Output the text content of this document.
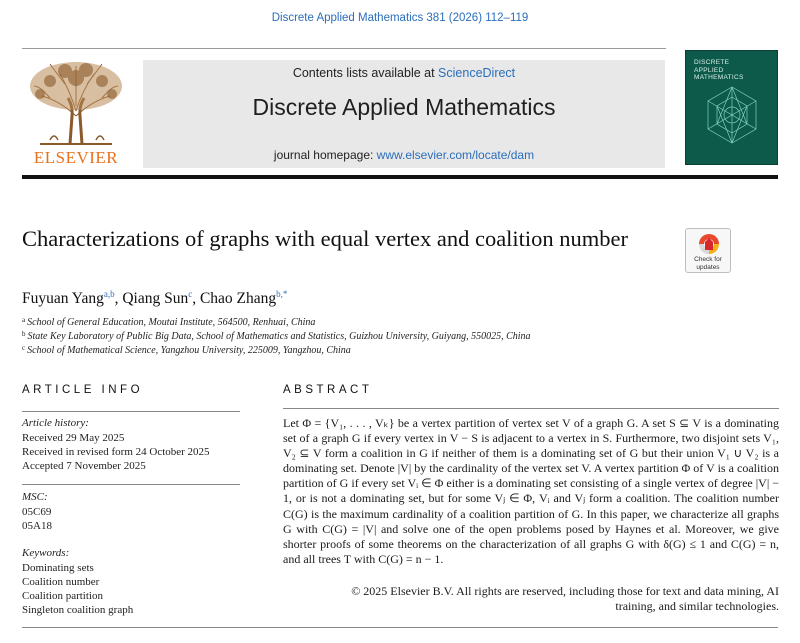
Discrete Applied Mathematics 381 (2026) 112–119
ELSEVIER
Contents lists available at ScienceDirect
Discrete Applied Mathematics
journal homepage: www.elsevier.com/locate/dam
DISCRETE
APPLIED
MATHEMATICS
Characterizations of graphs with equal vertex and coalition number
Check for
updates
Fuyuan Yang$^{a,b}$, Qiang Sun$^c$, Chao Zhang$^{b,*}$
$^a$ School of General Education, Moutai Institute, 564500, Renhuai, China
$^b$ State Key Laboratory of Public Big Data, School of Mathematics and Statistics, Guizhou University, Guiyang, 550025, China
$^c$ School of Mathematical Science, Yangzhou University, 225009, Yangzhou, China
ARTICLE INFO	ABSTRACT
Article history:
Received 29 May 2025
Received in revised form 24 October 2025
Accepted 7 November 2025
MSC:
05C69
05A18
Keywords:
Dominating sets
Coalition number
Coalition partition
Singleton coalition graph
Let Φ = {V₁, . . . , Vₖ} be a vertex partition of vertex set V of a graph G. A set S ⊆ V is a dominating set of a graph G if every vertex in V − S is adjacent to a vertex in S. Furthermore, two disjoint sets V₁, V₂ ⊆ V form a coalition in G if neither of them is a dominating set of G but their union V₁ ∪ V₂ is a dominating set. Denote |V| by the cardinality of the vertex set V. A vertex partition Φ of V is a coalition partition of G if every set Vᵢ ∈ Φ either is a dominating set consisting of a single vertex of degree |V| − 1, or is not a dominating set, but for some Vⱼ ∈ Φ, Vᵢ and Vⱼ form a coalition. The coalition number C(G) is the maximum cardinality of a coalition partition of G. In this paper, we characterize all graphs G with C(G) = |V| and solve one of the open problems posed by Haynes et al. Moreover, we give shorter proofs of some theorems on the characterization of all graphs G with δ(G) ≤ 1 and C(G) = n, and all trees T with C(G) = n − 1.
© 2025 Elsevier B.V. All rights are reserved, including those for text and data mining, AI
training, and similar technologies.
